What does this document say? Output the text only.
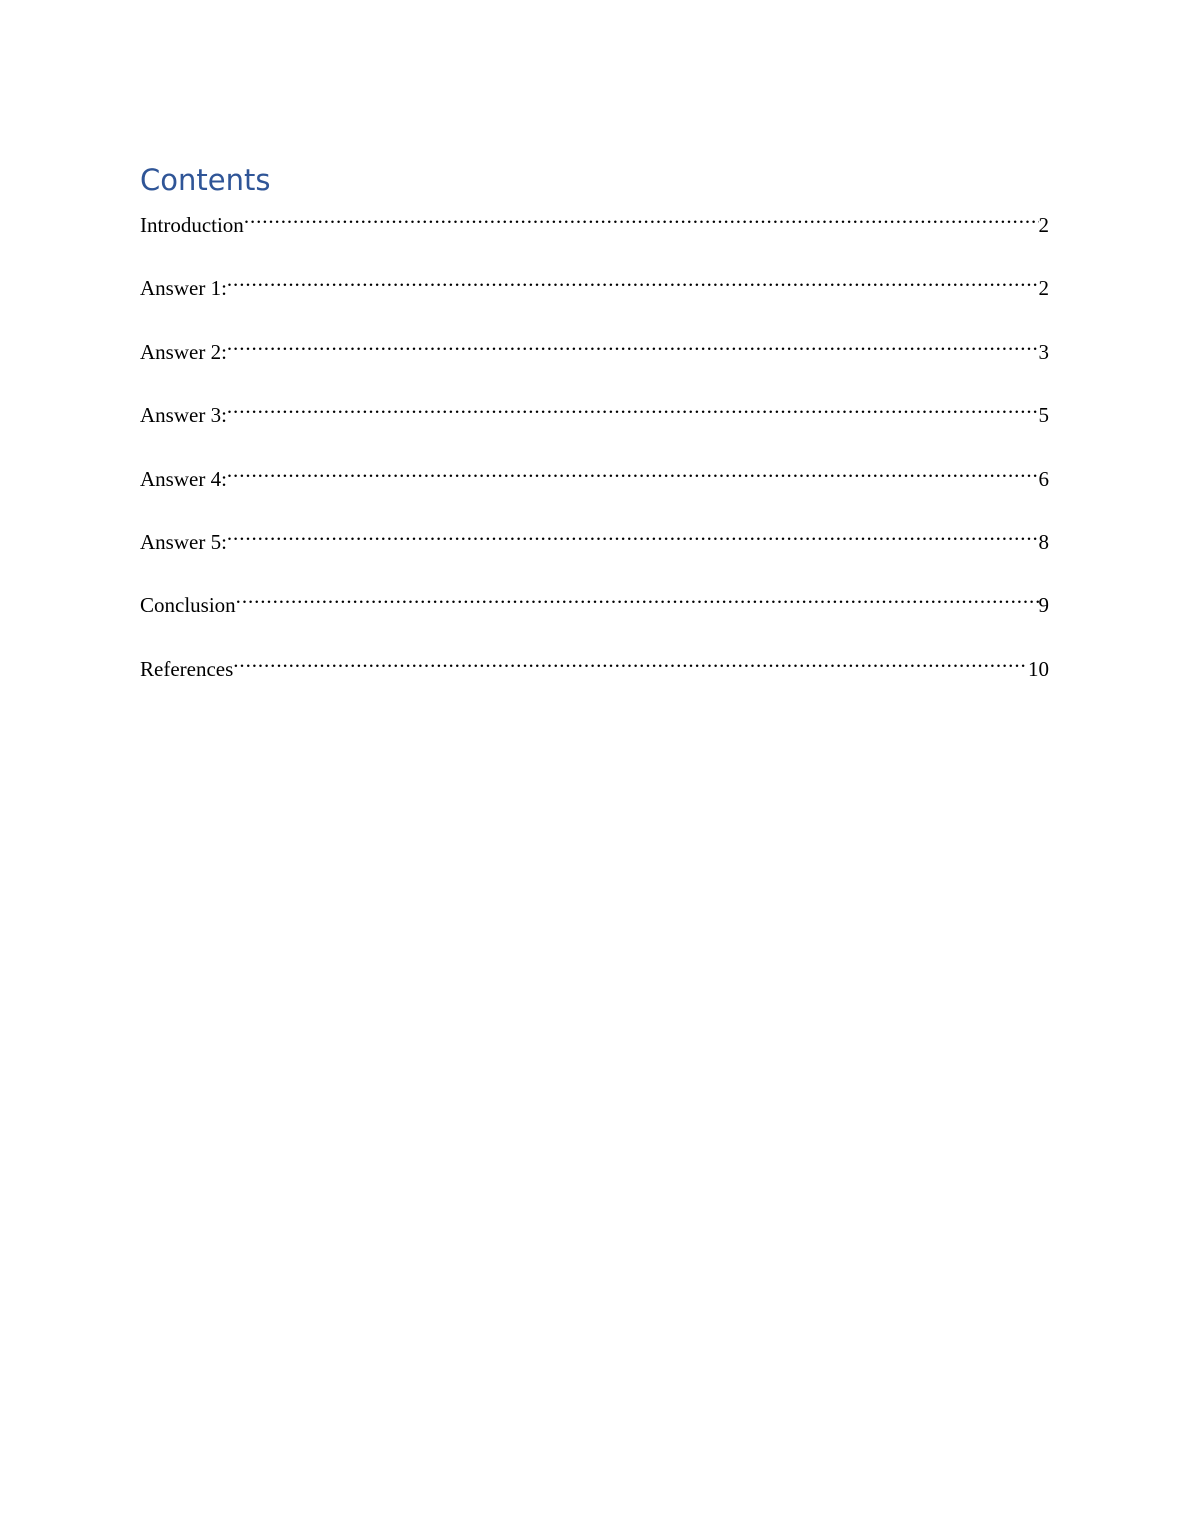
Contents
Introduction .....	2
Answer 1: .....	2
Answer 2: .....	3
Answer 3: .....	5
Answer 4: .....	6
Answer 5: .....	8
Conclusion .....	9
References .....	10
